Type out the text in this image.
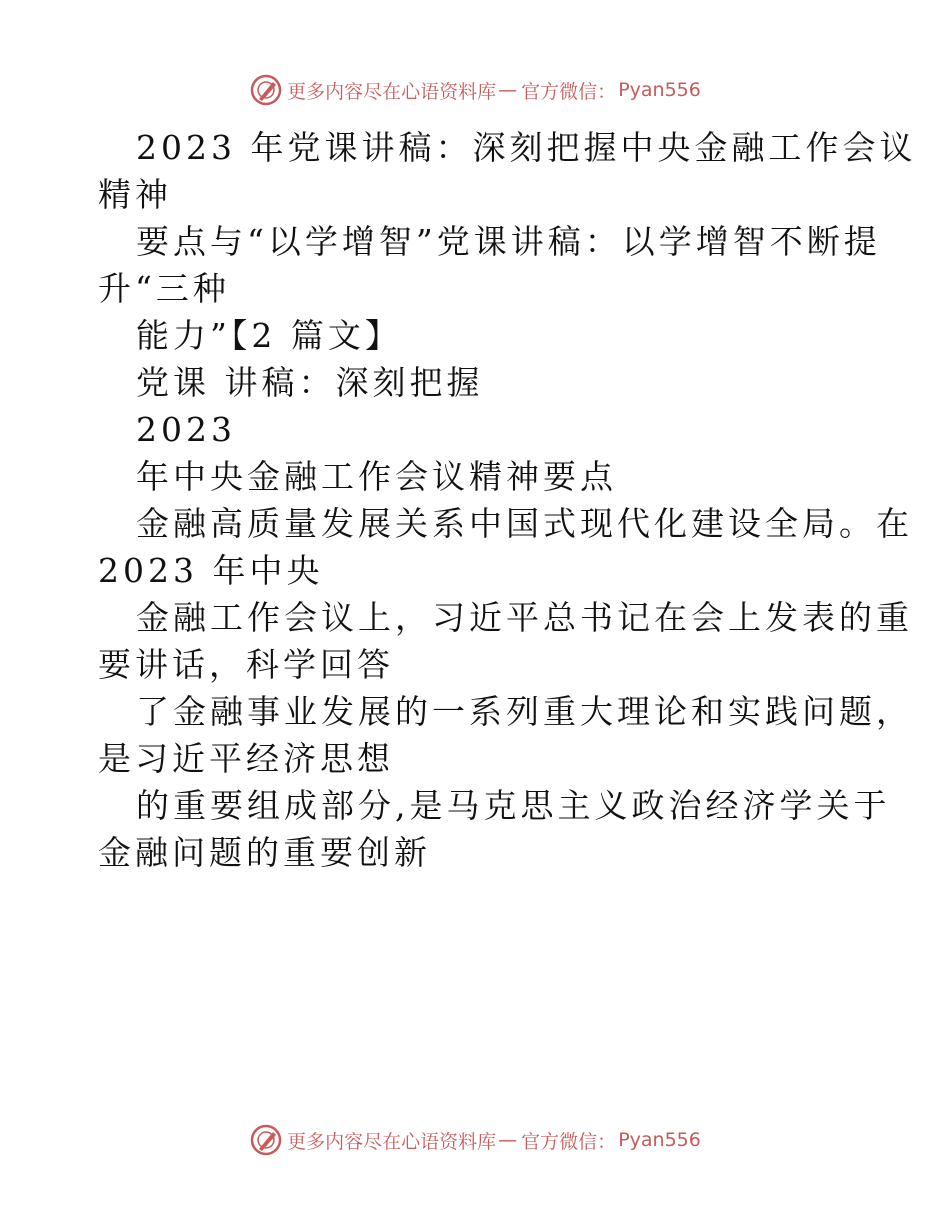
更多内容尽在心语资料库 — 官方微信： Pyan556

2023 年党课讲稿：深刻把握中央金融工作会议

精神

要点与“以学增智”党课讲稿：以学增智不断提

升“三种

能力”【2 篇文】

党课 讲稿：深刻把握

2023

年中央金融工作会议精神要点

金融高质量发展关系中国式现代化建设全局。在

2023 年中央

金融工作会议上，习近平总书记在会上发表的重

要讲话，科学回答

了金融事业发展的一系列重大理论和实践问题，

是习近平经济思想

的重要组成部分,是马克思主义政治经济学关于

金融问题的重要创新

更多内容尽在心语资料库 — 官方微信： Pyan556
